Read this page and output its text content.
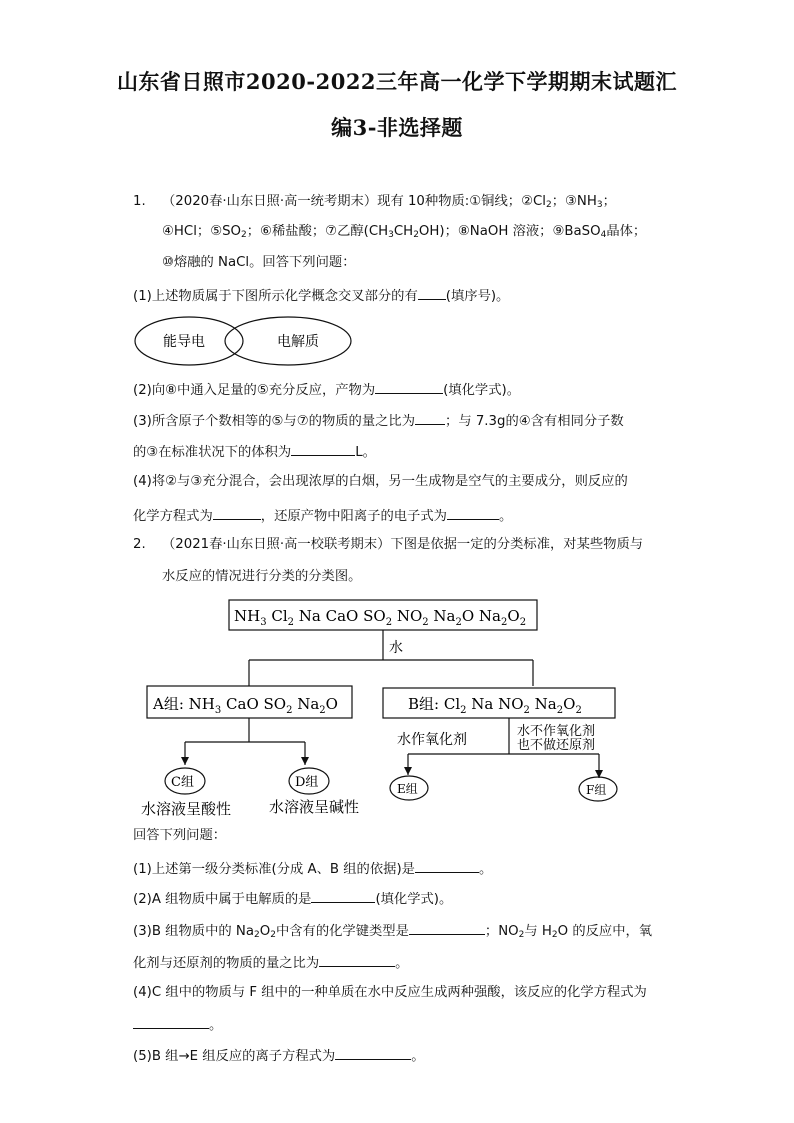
山东省日照市2020-2022三年高一化学下学期期末试题汇
编3-非选择题
1. （2020春·山东日照·高一统考期末）现有 10种物质:①铜线；$②Cl_2$；$③NH_3$；
④HCl；$⑤SO_2$；⑥稀盐酸；⑦乙醇$(CH_3CH_2OH)$；⑧NaOH 溶液；⑨BaSO$_4$晶体；
⑩熔融的 NaCl。回答下列问题：
(1)上述物质属于下图所示化学概念交叉部分的有 (填序号)。
能导电	电解质
(2)向⑧中通入足量的⑤充分反应，产物为	(填化学式)。
(3)所含原子个数相等的⑤与⑦的物质的量之比为 ；与 7.3g的④含有相同分子数
的③在标准状况下的体积为	L。
(4)将②与③充分混合，会出现浓厚的白烟，另一生成物是空气的主要成分，则反应的
化学方程式为	，还原产物中阳离子的电子式为	。
2. （2021春·山东日照·高一校联考期末）下图是依据一定的分类标准，对某些物质与
水反应的情况进行分类的分类图。
$NH_3$ $Cl_2$ Na CaO $SO_2$ $NO_2$ $Na_2O$ $Na_2O_2$
水
A组: $NH_3$ CaO $SO_2$ $Na_2O$	B组: $Cl_2$ Na $NO_2$ $Na_2O_2$
水作氧化剂
水不作氧化剂
也不做还原剂
C组	D组	E组	F组
水溶液呈酸性	水溶液呈碱性
回答下列问题：
(1)上述第一级分类标准(分成 A、B 组的依据)是	。
(2)A 组物质中属于电解质的是	(填化学式)。
(3)B 组物质中的 $Na_2O_2$中含有的化学键类型是	；$NO_2$与 $H_2O$ 的反应中，氧
化剂与还原剂的物质的量之比为	。
(4)C 组中的物质与 F 组中的一种单质在水中反应生成两种强酸，该反应的化学方程式为
。
(5)B 组→E 组反应的离子方程式为	。
